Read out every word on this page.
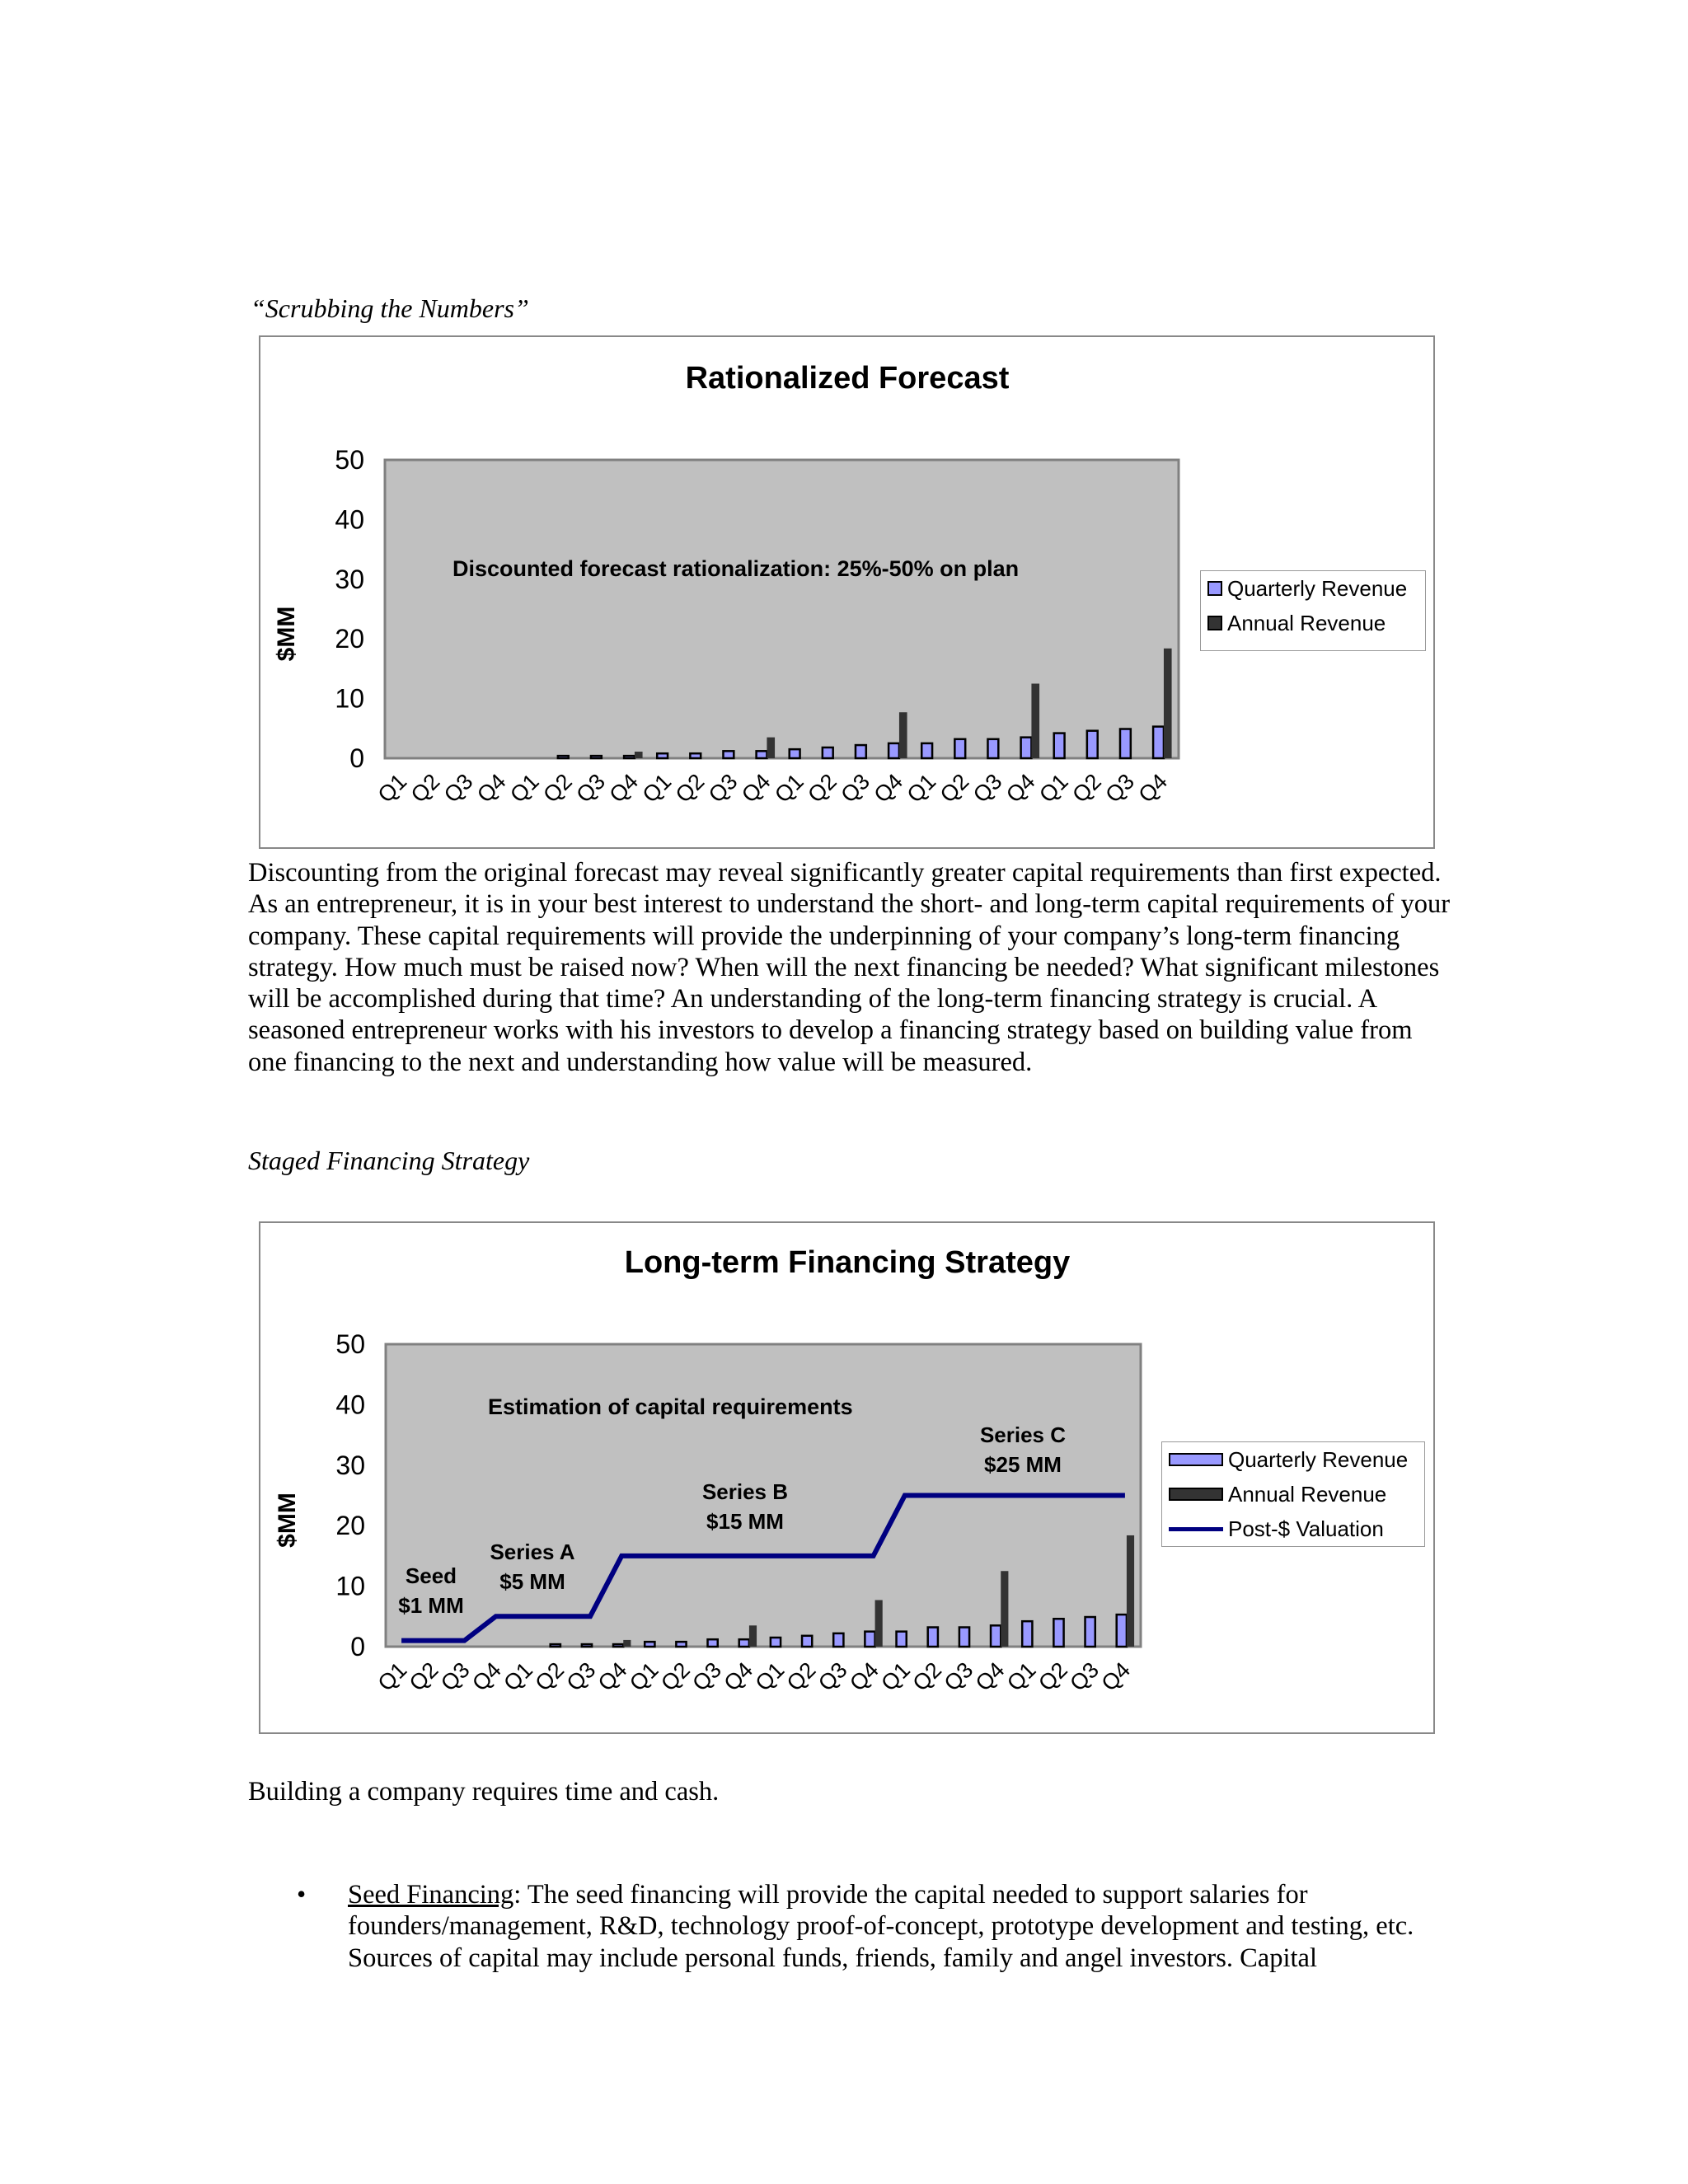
“Scrubbing the Numbers”
Rationalized Forecast
0
10
20
30
40
50
$MM
Q1
Q2
Q3
Q4
Q1
Q2
Q3
Q4
Q1
Q2
Q3
Q4
Q1
Q2
Q3
Q4
Q1
Q2
Q3
Q4
Q1
Q2
Q3
Q4
Discounted forecast rationalization: 25%-50% on plan
Quarterly Revenue
Annual Revenue
Discounting from the original forecast may reveal significantly greater capital requirements than first expected. As an entrepreneur, it is in your best interest to understand the short- and long-term capital requirements of your company. These capital requirements will provide the underpinning of your company’s long-term financing strategy. How much must be raised now? When will the next financing be needed? What significant milestones will be accomplished during that time? An understanding of the long-term financing strategy is crucial. A seasoned entrepreneur works with his investors to develop a financing strategy based on building value from one financing to the next and understanding how value will be measured.
Staged Financing Strategy
Long-term Financing Strategy
0
10
20
30
40
50
$MM
Q1
Q2
Q3
Q4
Q1
Q2
Q3
Q4
Q1
Q2
Q3
Q4
Q1
Q2
Q3
Q4
Q1
Q2
Q3
Q4
Q1
Q2
Q3
Q4
Estimation of capital requirements
Seed
$1 MM
Series A
$5 MM
Series B
$15 MM
Series C
$25 MM	Quarterly Revenue
Annual Revenue
Post-$ Valuation
Building a company requires time and cash.
• Seed Financing: The seed financing will provide the capital needed to support salaries for founders/management, R&D, technology proof-of-concept, prototype development and testing, etc. Sources of capital may include personal funds, friends, family and angel investors. Capital
